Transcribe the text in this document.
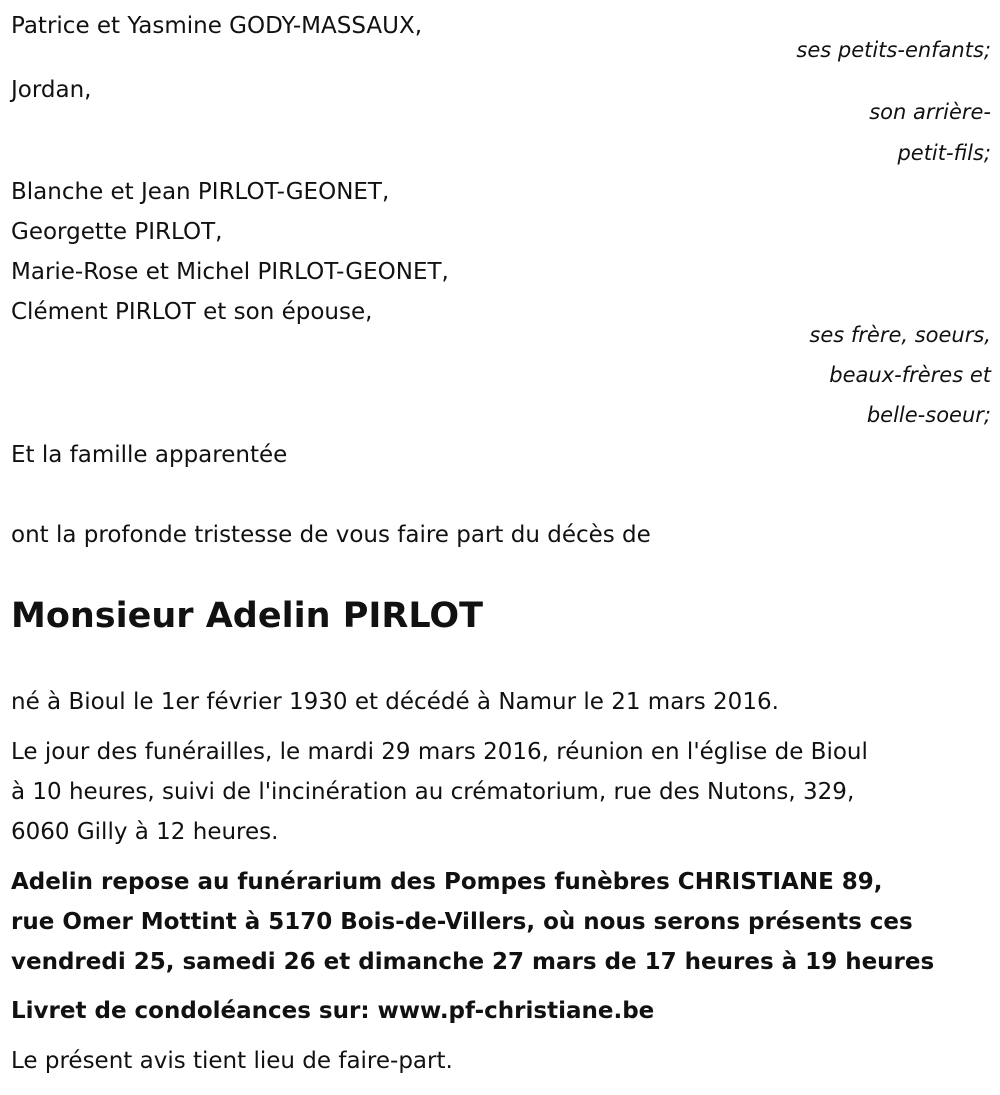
Patrice et Yasmine GODY-MASSAUX,
ses petits-enfants;
Jordan,
son arrière-
petit-fils;
Blanche et Jean PIRLOT-GEONET,
Georgette PIRLOT,
Marie-Rose et Michel PIRLOT-GEONET,
Clément PIRLOT et son épouse,
ses frère, soeurs,
beaux-frères et
belle-soeur;
Et la famille apparentée
ont la profonde tristesse de vous faire part du décès de
Monsieur Adelin PIRLOT
né à Bioul le 1er février 1930 et décédé à Namur le 21 mars 2016.
Le jour des funérailles, le mardi 29 mars 2016, réunion en l'église de Bioul
à 10 heures, suivi de l'incinération au crématorium, rue des Nutons, 329,
6060 Gilly à 12 heures.
Adelin repose au funérarium des Pompes funèbres CHRISTIANE 89,
rue Omer Mottint à 5170 Bois-de-Villers, où nous serons présents ces
vendredi 25, samedi 26 et dimanche 27 mars de 17 heures à 19 heures
Livret de condoléances sur: www.pf-christiane.be
Le présent avis tient lieu de faire-part.
